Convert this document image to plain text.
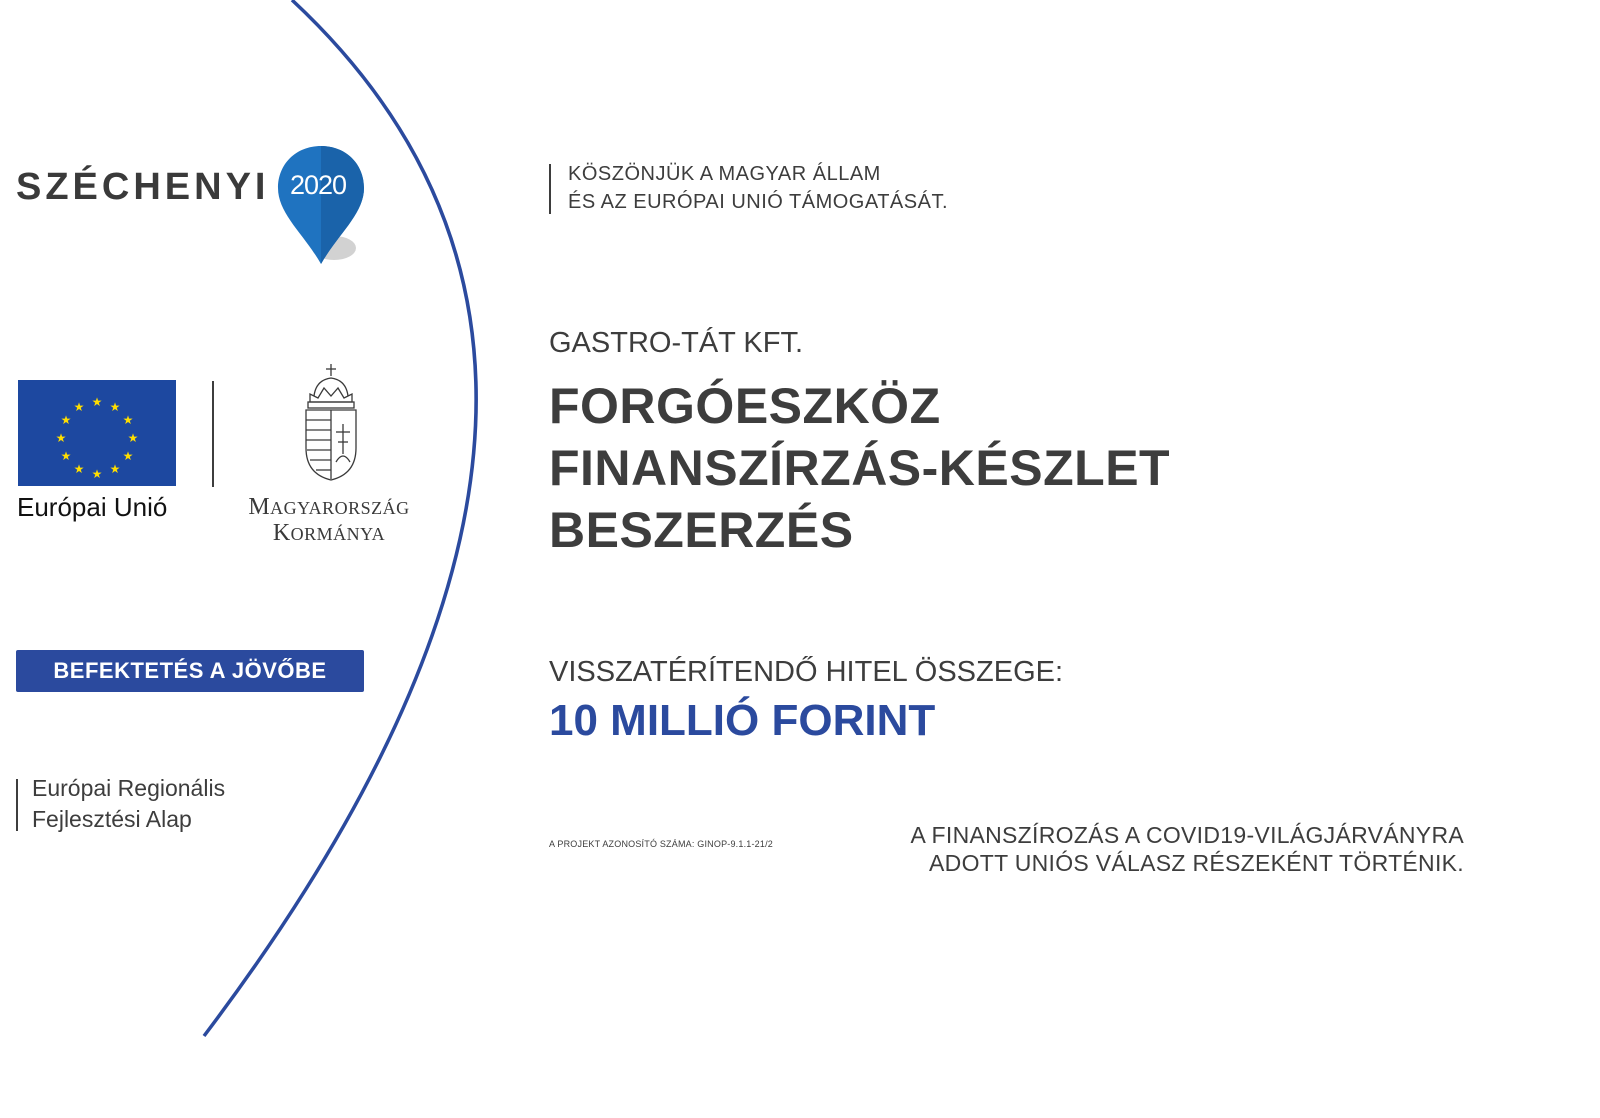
SZÉCHENYI 2020	KÖSZÖNJÜK A MAGYAR ÁLLAM
ÉS AZ EURÓPAI UNIÓ TÁMOGATÁSÁT.
★ ★
★
★
★
★
★
★
★
★
★
★
Európai Unió	MAGYARORSZÁG
KORMÁNYA
BEFEKTETÉS A JÖVŐBE
Európai Regionális
Fejlesztési Alap
GASTRO-TÁT KFT.
FORGÓESZKÖZ
FINANSZÍRZÁS-KÉSZLET
BESZERZÉS
VISSZATÉRÍTENDŐ HITEL ÖSSZEGE:
10 MILLIÓ FORINT
A PROJEKT AZONOSÍTÓ SZÁMA: GINOP-9.1.1-21/2	A FINANSZÍROZÁS A COVID19-VILÁGJÁRVÁNYRA
ADOTT UNIÓS VÁLASZ RÉSZEKÉNT TÖRTÉNIK.
